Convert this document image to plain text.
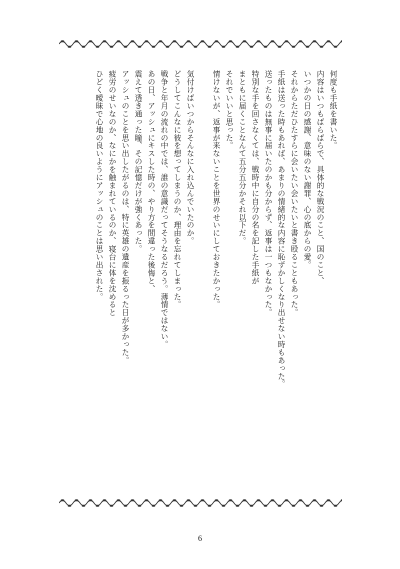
何度も手紙を書いた。

内容はいつもばらばらで、具体的な戦況のこと、国のこと、

いつかの日の感謝、意味のない謝罪、心の底からの愛。

それからただひたすらに会いたい会いたいと書き殴ることもあった。

手紙は送った時もあれば、あまりの情緒的な内容に恥ずかしくなり出せない時もあった。

送ったものは無事に届いたのかも分からず、返事は一つもなかった。

特別な手を回さなくては、戦時中に自分の名を記した手紙が

まともに届くことなんて五分五分かそれ以下だ。

それでいいと思った。

情けないが、返事が来ないことを世界のせいにしておきたかった。

気付けばいつからそんなに入れ込んでいたのか。

どうしてこんなに彼を想ってしまうのか、理由を忘れてしまった。

戦争と年月の流れの中では、誰の意識だってそうなるだろう。薄情ではない。

あの日、アッシュにキスした時の、やり方を間違った後悔と、

震えて透き通った瞳、その記憶だけが強くあった。

アッシュのことを思い出したがるのは、特に英雄の遺産を振るった日が多かった。

疲労のせいなのか、なにかを触まれているのか、寝台に体を沈めると

ひどく曖昧で心地の良いようにアッシュのことは思い出された。

6
